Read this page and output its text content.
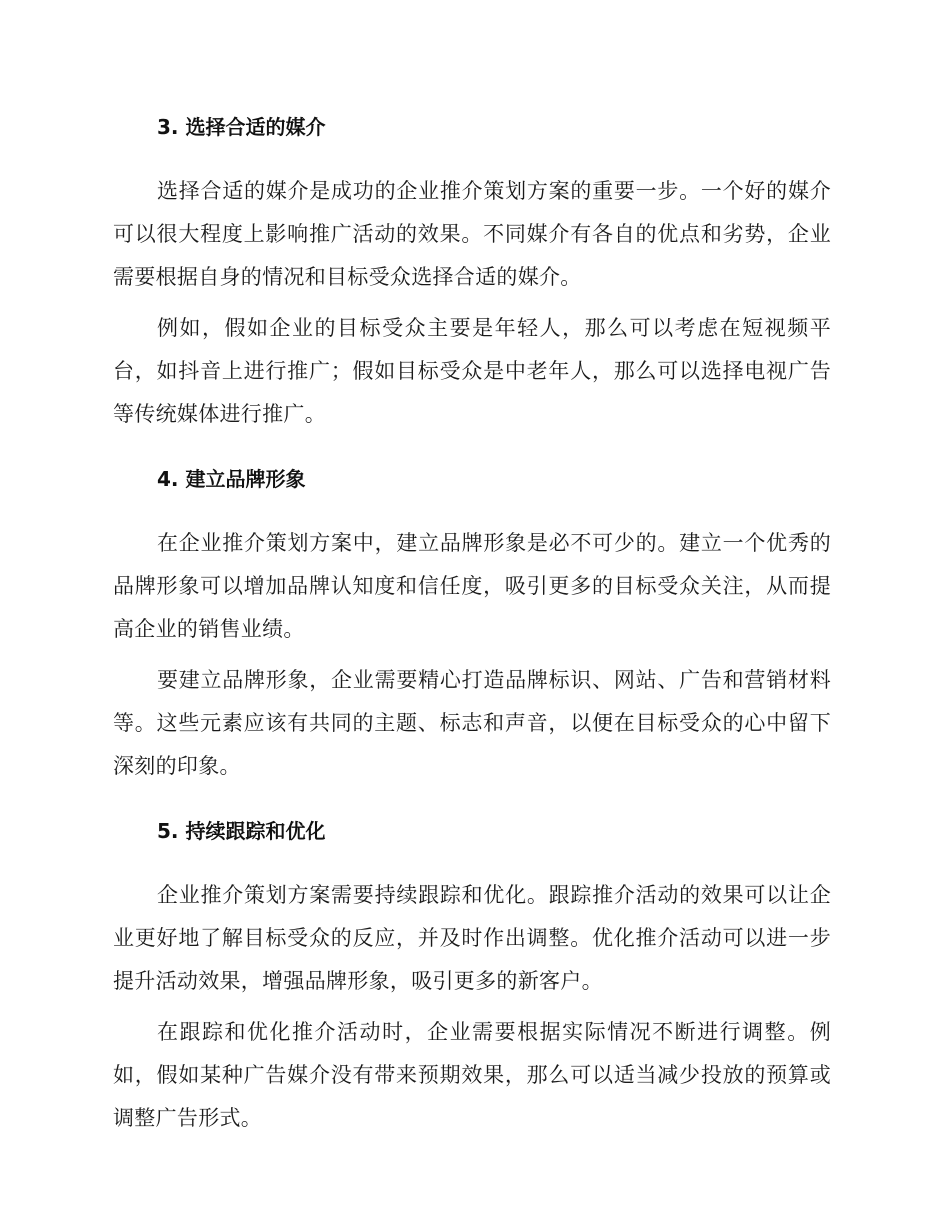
3. 选择合适的媒介

选择合适的媒介是成功的企业推介策划方案的重要一步。一个好的媒介可以很大程度上影响推广活动的效果。不同媒介有各自的优点和劣势，企业需要根据自身的情况和目标受众选择合适的媒介。

例如，假如企业的目标受众主要是年轻人，那么可以考虑在短视频平台，如抖音上进行推广；假如目标受众是中老年人，那么可以选择电视广告等传统媒体进行推广。

4. 建立品牌形象

在企业推介策划方案中，建立品牌形象是必不可少的。建立一个优秀的品牌形象可以增加品牌认知度和信任度，吸引更多的目标受众关注，从而提高企业的销售业绩。

要建立品牌形象，企业需要精心打造品牌标识、网站、广告和营销材料等。这些元素应该有共同的主题、标志和声音，以便在目标受众的心中留下深刻的印象。

5. 持续跟踪和优化

企业推介策划方案需要持续跟踪和优化。跟踪推介活动的效果可以让企业更好地了解目标受众的反应，并及时作出调整。优化推介活动可以进一步提升活动效果，增强品牌形象，吸引更多的新客户。

在跟踪和优化推介活动时，企业需要根据实际情况不断进行调整。例如，假如某种广告媒介没有带来预期效果，那么可以适当减少投放的预算或调整广告形式。
